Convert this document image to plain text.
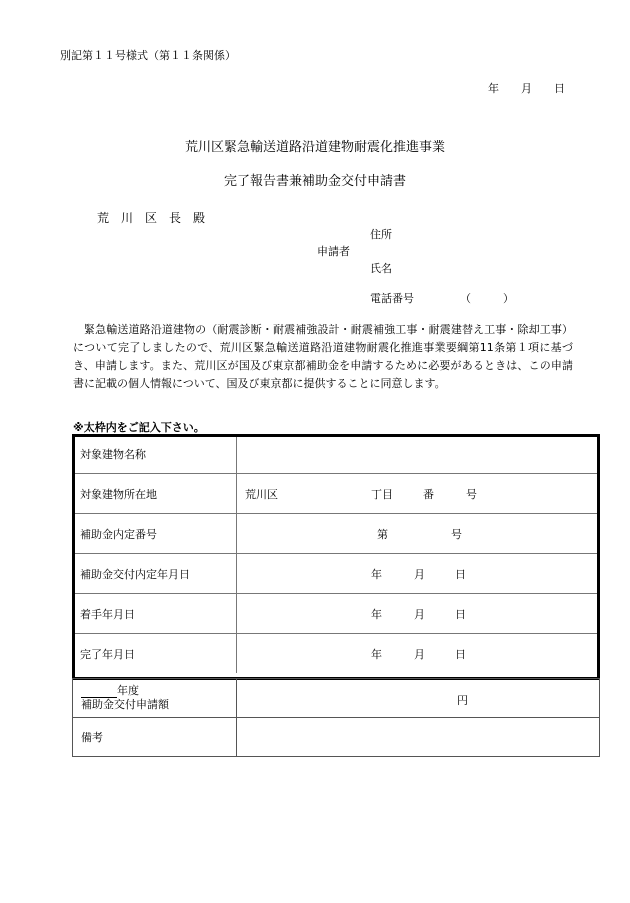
別記第１１号様式（第１１条関係）
年 月 日
荒川区緊急輸送道路沿道建物耐震化推進事業
完了報告書兼補助金交付申請書
荒　川　区　長　殿
住所
申請者
氏名
電話番号	（	）
緊急輸送道路沿道建物の（耐震診断・耐震補強設計・耐震補強工事・耐震建替え工事・除却工事）について完了しましたので、荒川区緊急輸送道路沿道建物耐震化推進事業要綱第11条第１項に基づき、申請します。また、荒川区が国及び東京都補助金を申請するために必要があるときは、この申請書に記載の個人情報について、国及び東京都に提供することに同意します。
※太枠内をご記入下さい。
対象建物名称	
対象建物所在地	荒川区 丁目 番 号

補助金内定番号	第 号

補助金交付内定年月日	年 月 日

着手年月日	年 月 日

完了年月日	年 月 日
年度
補助金交付申請額	円

備考	
